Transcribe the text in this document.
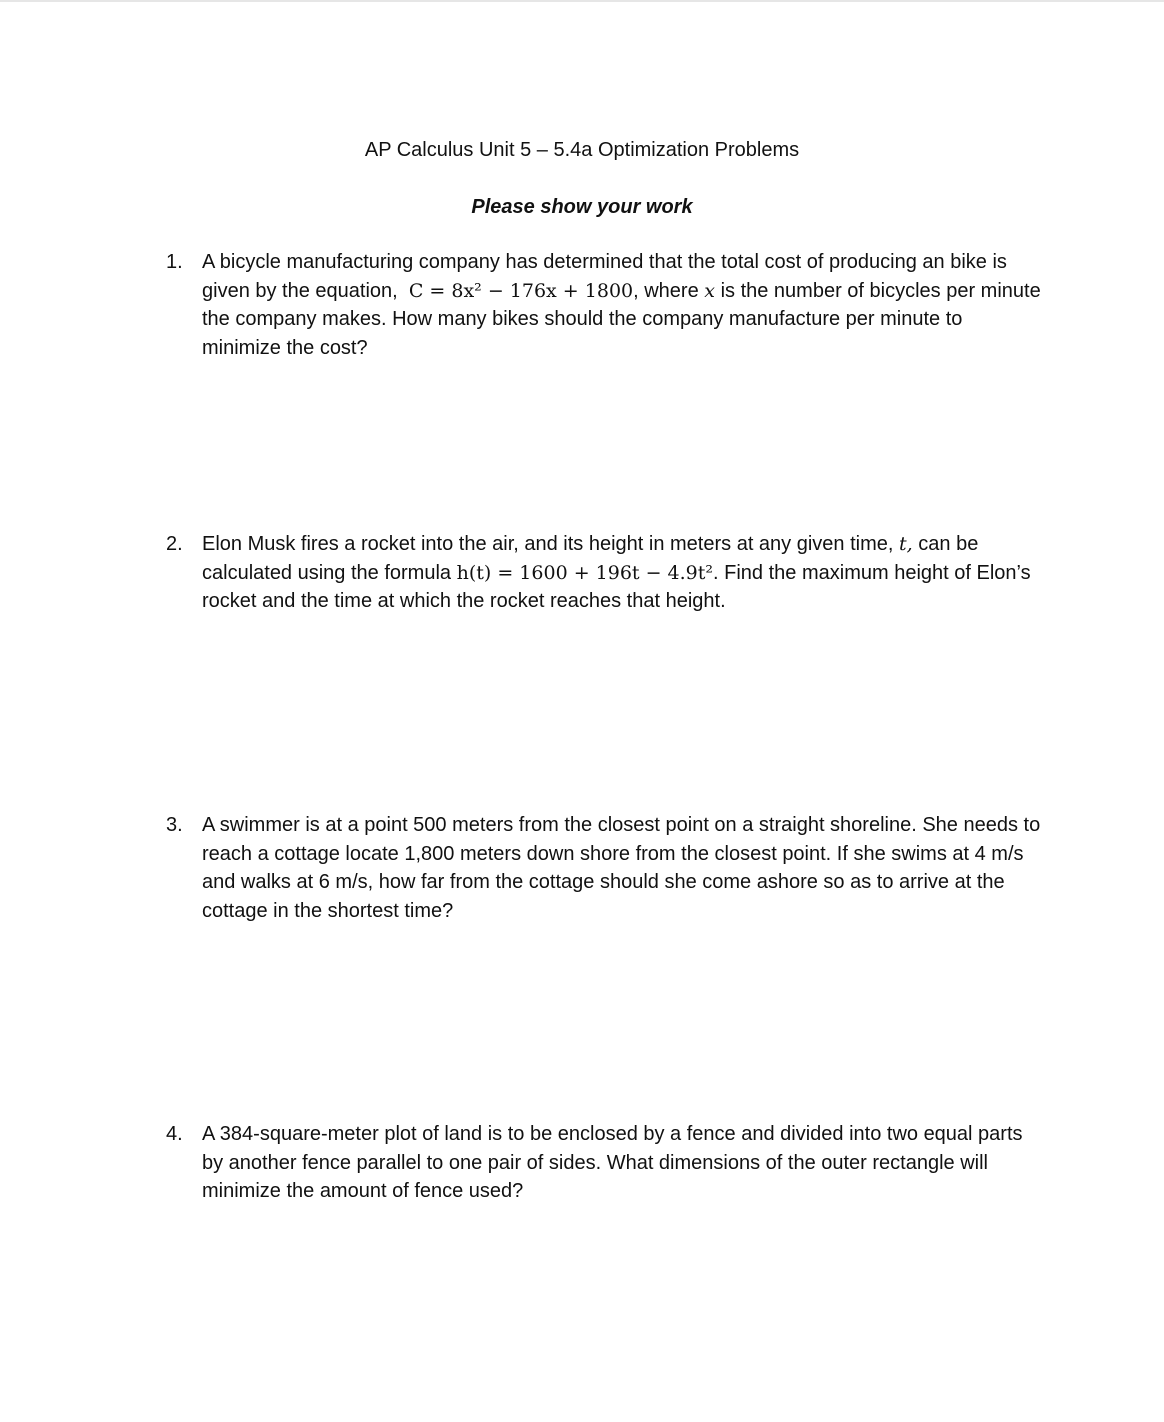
AP Calculus Unit 5 – 5.4a Optimization Problems
Please show your work
1. A bicycle manufacturing company has determined that the total cost of producing an bike is given by the equation, C = 8x² − 176x + 1800, where x is the number of bicycles per minute the company makes. How many bikes should the company manufacture per minute to minimize the cost?
2. Elon Musk fires a rocket into the air, and its height in meters at any given time, t, can be calculated using the formula h(t) = 1600 + 196t − 4.9t². Find the maximum height of Elon’s rocket and the time at which the rocket reaches that height.
3. A swimmer is at a point 500 meters from the closest point on a straight shoreline. She needs to reach a cottage locate 1,800 meters down shore from the closest point. If she swims at 4 m/s and walks at 6 m/s, how far from the cottage should she come ashore so as to arrive at the cottage in the shortest time?
4. A 384-square-meter plot of land is to be enclosed by a fence and divided into two equal parts by another fence parallel to one pair of sides. What dimensions of the outer rectangle will minimize the amount of fence used?
